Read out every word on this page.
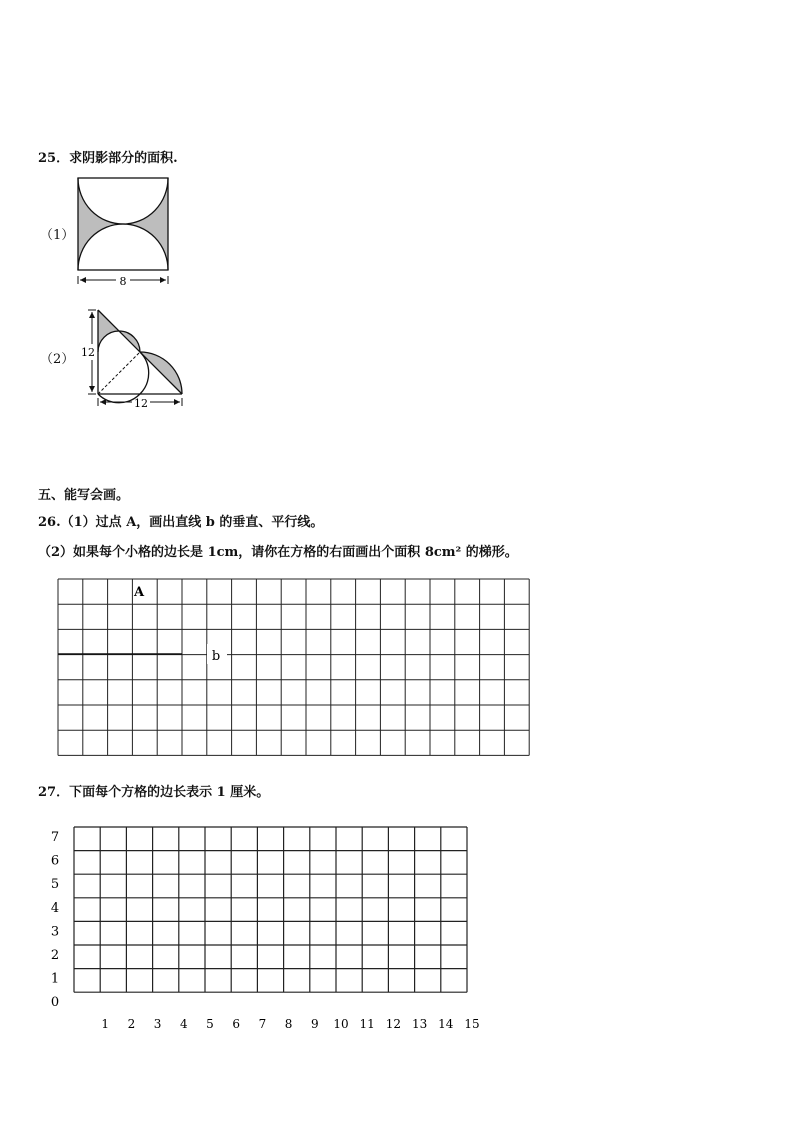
25．求阴影部分的面积.
（1）
8
（2） 12
12
五、能写会画。
26.（1）过点 A，画出直线 b 的垂直、平行线。
（2）如果每个小格的边长是 1cm，请你在方格的右面画出个面积 8cm² 的梯形。
b
A
27．下面每个方格的边长表示 1 厘米。
0
1
2
3
4
5
6
7
1 2 3 4 5 6 7 8 9 10 11 12 13 14 15
